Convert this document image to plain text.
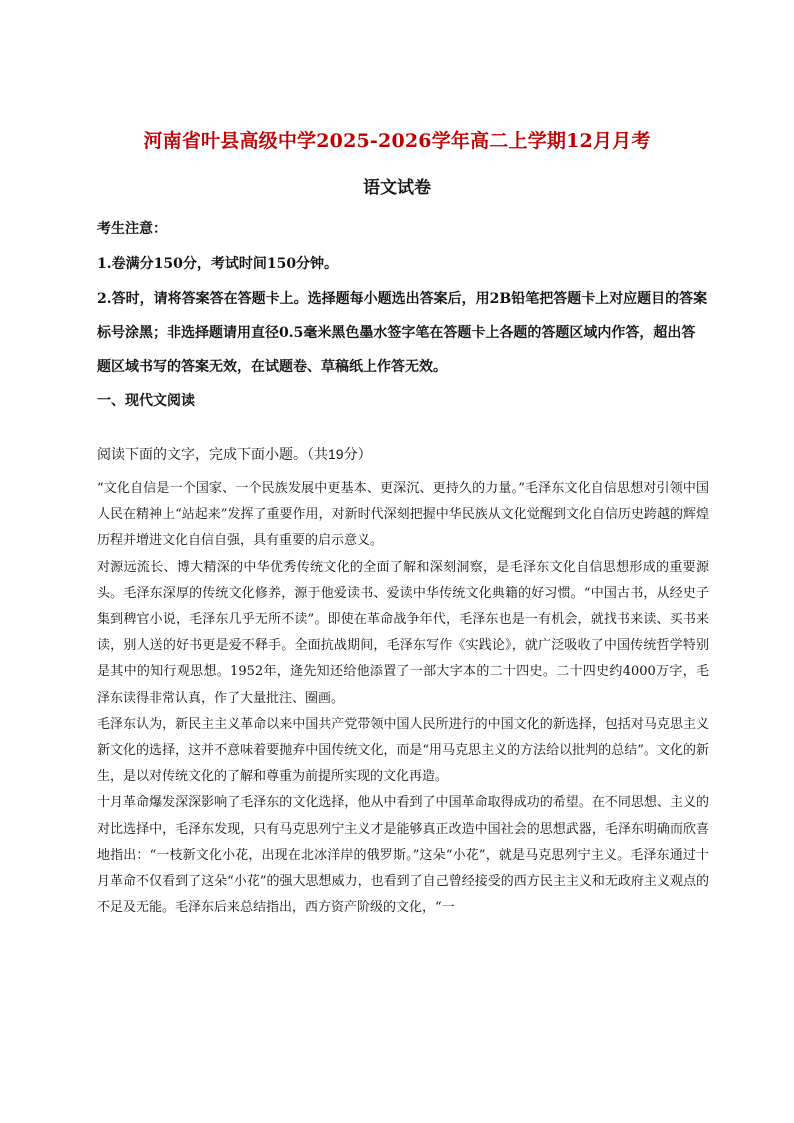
河南省叶县高级中学2025-2026学年高二上学期12月月考
语文试卷
考生注意：
1.卷满分150分，考试时间150分钟。
2.答时，请将答案答在答题卡上。选择题每小题选出答案后，用2B铅笔把答题卡上对应题目的答案标号涂黑；非选择题请用直径0.5毫米黑色墨水签字笔在答题卡上各题的答题区域内作答，超出答题区域书写的答案无效，在试题卷、草稿纸上作答无效。
一、现代文阅读
阅读下面的文字，完成下面小题。（共19分）

“文化自信是一个国家、一个民族发展中更基本、更深沉、更持久的力量。”毛泽东文化自信思想对引领中国人民在精神上“站起来”发挥了重要作用，对新时代深刻把握中华民族从文化觉醒到文化自信历史跨越的辉煌历程并增进文化自信自强，具有重要的启示意义。

对源远流长、博大精深的中华优秀传统文化的全面了解和深刻洞察，是毛泽东文化自信思想形成的重要源头。毛泽东深厚的传统文化修养，源于他爱读书、爱读中华传统文化典籍的好习惯。“中国古书，从经史子集到稗官小说，毛泽东几乎无所不读”。即使在革命战争年代，毛泽东也是一有机会，就找书来读、买书来读，别人送的好书更是爱不释手。全面抗战期间，毛泽东写作《实践论》，就广泛吸收了中国传统哲学特别是其中的知行观思想。1952年，逄先知还给他添置了一部大字本的二十四史。二十四史约4000万字，毛泽东读得非常认真，作了大量批注、圈画。

毛泽东认为，新民主主义革命以来中国共产党带领中国人民所进行的中国文化的新选择，包括对马克思主义新文化的选择，这并不意味着要抛弃中国传统文化，而是“用马克思主义的方法给以批判的总结”。文化的新生，是以对传统文化的了解和尊重为前提所实现的文化再造。

十月革命爆发深深影响了毛泽东的文化选择，他从中看到了中国革命取得成功的希望。在不同思想、主义的对比选择中，毛泽东发现，只有马克思列宁主义才是能够真正改造中国社会的思想武器，毛泽东明确而欣喜地指出：“一枝新文化小花，出现在北冰洋岸的俄罗斯。”这朵“小花”，就是马克思列宁主义。毛泽东通过十月革命不仅看到了这朵“小花”的强大思想威力，也看到了自己曾经接受的西方民主主义和无政府主义观点的不足及无能。毛泽东后来总结指出，西方资产阶级的文化，“一
